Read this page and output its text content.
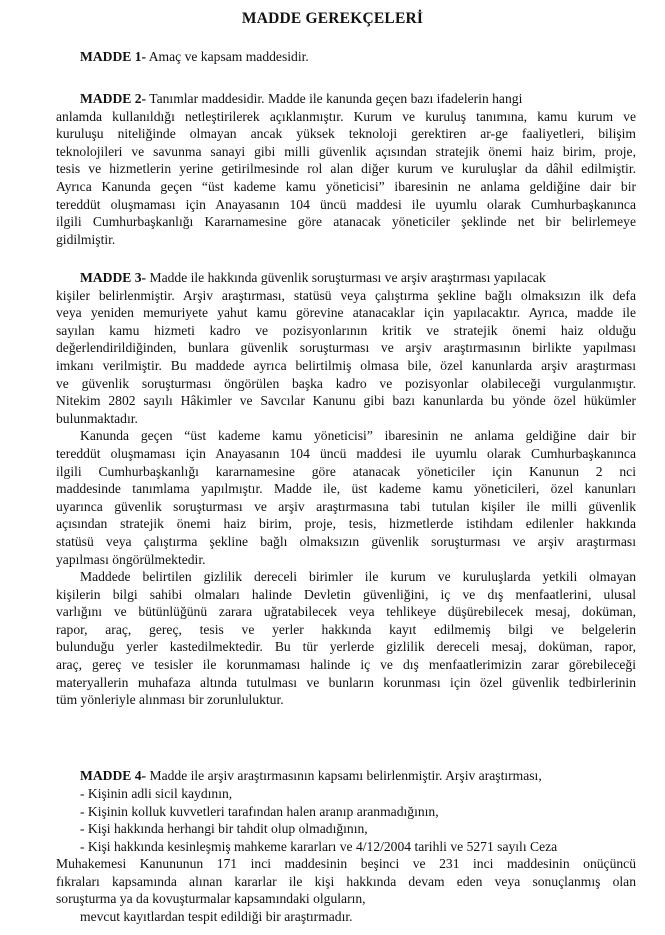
MADDE GEREKÇELERİ
MADDE 1- Amaç ve kapsam maddesidir.
MADDE 2- Tanımlar maddesidir. Madde ile kanunda geçen bazı ifadelerin hangi
anlamda kullanıldığı netleştirilerek açıklanmıştır. Kurum ve kuruluş tanımına, kamu kurum ve
kuruluşu niteliğinde olmayan ancak yüksek teknoloji gerektiren ar-ge faaliyetleri, bilişim
teknolojileri ve savunma sanayi gibi milli güvenlik açısından stratejik önemi haiz birim, proje,
tesis ve hizmetlerin yerine getirilmesinde rol alan diğer kurum ve kuruluşlar da dâhil edilmiştir.
Ayrıca Kanunda geçen “üst kademe kamu yöneticisi” ibaresinin ne anlama geldiğine dair bir
tereddüt oluşmaması için Anayasanın 104 üncü maddesi ile uyumlu olarak Cumhurbaşkanınca
ilgili Cumhurbaşkanlığı Kararnamesine göre atanacak yöneticiler şeklinde net bir belirlemeye
gidilmiştir.
MADDE 3- Madde ile hakkında güvenlik soruşturması ve arşiv araştırması yapılacak
kişiler belirlenmiştir. Arşiv araştırması, statüsü veya çalıştırma şekline bağlı olmaksızın ilk defa
veya yeniden memuriyete yahut kamu görevine atanacaklar için yapılacaktır. Ayrıca, madde ile
sayılan kamu hizmeti kadro ve pozisyonlarının kritik ve stratejik önemi haiz olduğu
değerlendirildiğinden, bunlara güvenlik soruşturması ve arşiv araştırmasının birlikte yapılması
imkanı verilmiştir. Bu maddede ayrıca belirtilmiş olmasa bile, özel kanunlarda arşiv araştırması
ve güvenlik soruşturması öngörülen başka kadro ve pozisyonlar olabileceği vurgulanmıştır.
Nitekim 2802 sayılı Hâkimler ve Savcılar Kanunu gibi bazı kanunlarda bu yönde özel hükümler
bulunmaktadır.
Kanunda geçen “üst kademe kamu yöneticisi” ibaresinin ne anlama geldiğine dair bir
tereddüt oluşmaması için Anayasanın 104 üncü maddesi ile uyumlu olarak Cumhurbaşkanınca
ilgili Cumhurbaşkanlığı kararnamesine göre atanacak yöneticiler için Kanunun 2 nci
maddesinde tanımlama yapılmıştır. Madde ile, üst kademe kamu yöneticileri, özel kanunları
uyarınca güvenlik soruşturması ve arşiv araştırmasına tabi tutulan kişiler ile milli güvenlik
açısından stratejik önemi haiz birim, proje, tesis, hizmetlerde istihdam edilenler hakkında
statüsü veya çalıştırma şekline bağlı olmaksızın güvenlik soruşturması ve arşiv araştırması
yapılması öngörülmektedir.
Maddede belirtilen gizlilik dereceli birimler ile kurum ve kuruluşlarda yetkili olmayan
kişilerin bilgi sahibi olmaları halinde Devletin güvenliğini, iç ve dış menfaatlerini, ulusal
varlığını ve bütünlüğünü zarara uğratabilecek veya tehlikeye düşürebilecek mesaj, doküman,
rapor, araç, gereç, tesis ve yerler hakkında kayıt edilmemiş bilgi ve belgelerin
bulunduğu yerler kastedilmektedir. Bu tür yerlerde gizlilik dereceli mesaj, doküman, rapor,
araç, gereç ve tesisler ile korunmaması halinde iç ve dış menfaatlerimizin zarar görebileceği
materyallerin muhafaza altında tutulması ve bunların korunması için özel güvenlik tedbirlerinin
tüm yönleriyle alınması bir zorunluluktur.
MADDE 4- Madde ile arşiv araştırmasının kapsamı belirlenmiştir. Arşiv araştırması,
- Kişinin adli sicil kaydının,
- Kişinin kolluk kuvvetleri tarafından halen aranıp aranmadığının,
- Kişi hakkında herhangi bir tahdit olup olmadığının,
- Kişi hakkında kesinleşmiş mahkeme kararları ve 4/12/2004 tarihli ve 5271 sayılı Ceza
Muhakemesi Kanununun 171 inci maddesinin beşinci ve 231 inci maddesinin onüçüncü
fıkraları kapsamında alınan kararlar ile kişi hakkında devam eden veya sonuçlanmış olan
soruşturma ya da kovuşturmalar kapsamındaki olguların,
mevcut kayıtlardan tespit edildiği bir araştırmadır.
